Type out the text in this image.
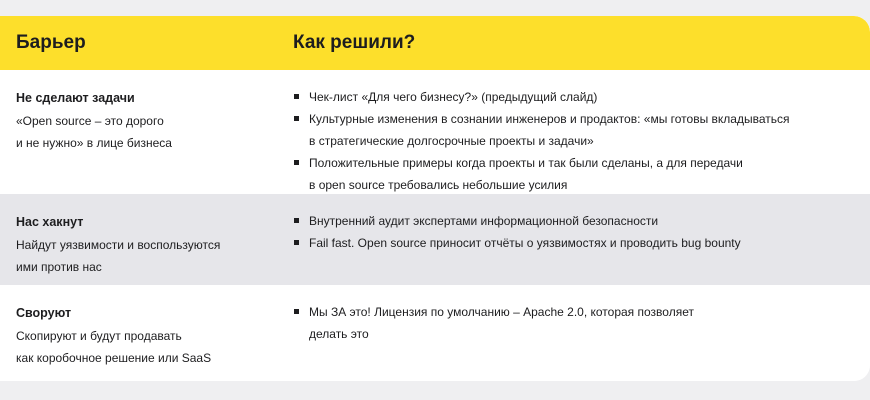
Барьер	Как решили?
Не сделают задачи
«Open source – это дорого
и не нужно» в лице бизнеса
Чек-лист «Для чего бизнесу?» (предыдущий слайд)
Культурные изменения в сознании инженеров и продактов: «мы готовы вкладываться
в стратегические долгосрочные проекты и задачи»
Положительные примеры когда проекты и так были сделаны, а для передачи
в open source требовались небольшие усилия
Нас хакнут
Найдут уязвимости и воспользуются
ими против нас
Внутренний аудит экспертами информационной безопасности
Fail fast. Open source приносит отчёты о уязвимостях и проводить bug bounty
Своруют
Скопируют и будут продавать
как коробочное решение или SaaS
Мы ЗА это! Лицензия по умолчанию – Apache 2.0, которая позволяет
делать это
